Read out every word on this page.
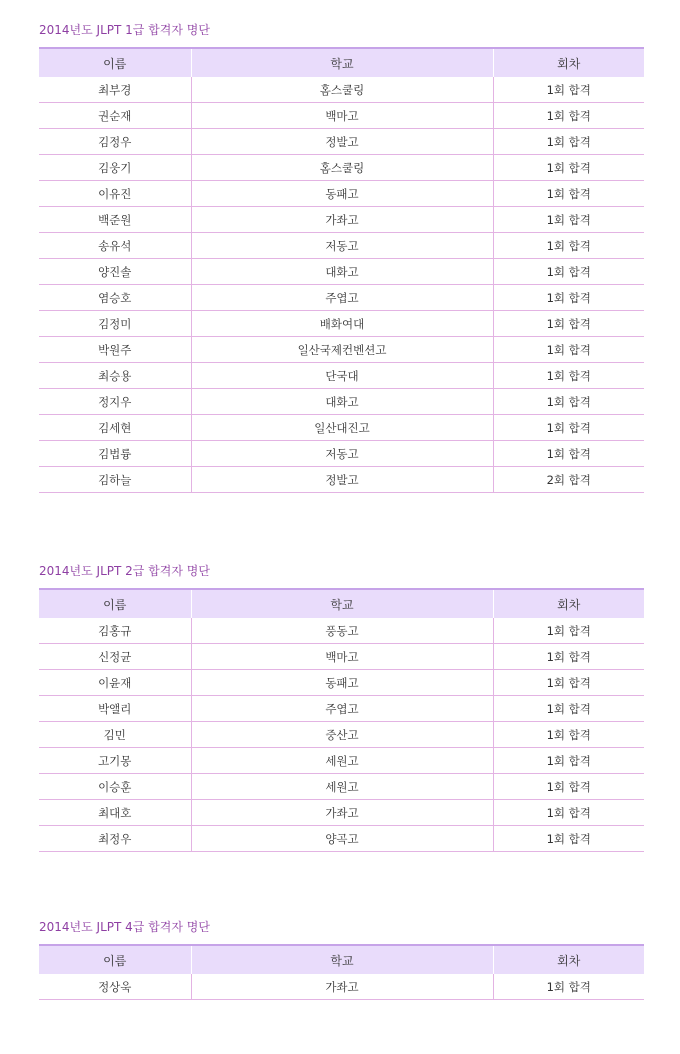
2014년도 JLPT 1급 합격자 명단
이름	학교	회차
최부경	홈스쿨링	1회 합격
권순재	백마고	1회 합격
김정우	정발고	1회 합격
김웅기	홈스쿨링	1회 합격
이유진	동패고	1회 합격
백준원	가좌고	1회 합격
송유석	저동고	1회 합격
양진솔	대화고	1회 합격
염승호	주엽고	1회 합격
김정미	배화여대	1회 합격
박원주	일산국제컨벤션고	1회 합격
최승용	단국대	1회 합격
정지우	대화고	1회 합격
김세현	일산대진고	1회 합격
김법륭	저동고	1회 합격
김하늘	정발고	2회 합격
2014년도 JLPT 2급 합격자 명단
이름	학교	회차
김홍규	풍동고	1회 합격
신정균	백마고	1회 합격
이윤재	동패고	1회 합격
박앨리	주엽고	1회 합격
김민	중산고	1회 합격
고기몽	세원고	1회 합격
이승훈	세원고	1회 합격
최대호	가좌고	1회 합격
최정우	양곡고	1회 합격
2014년도 JLPT 4급 합격자 명단
이름	학교	회차
정상욱	가좌고	1회 합격
